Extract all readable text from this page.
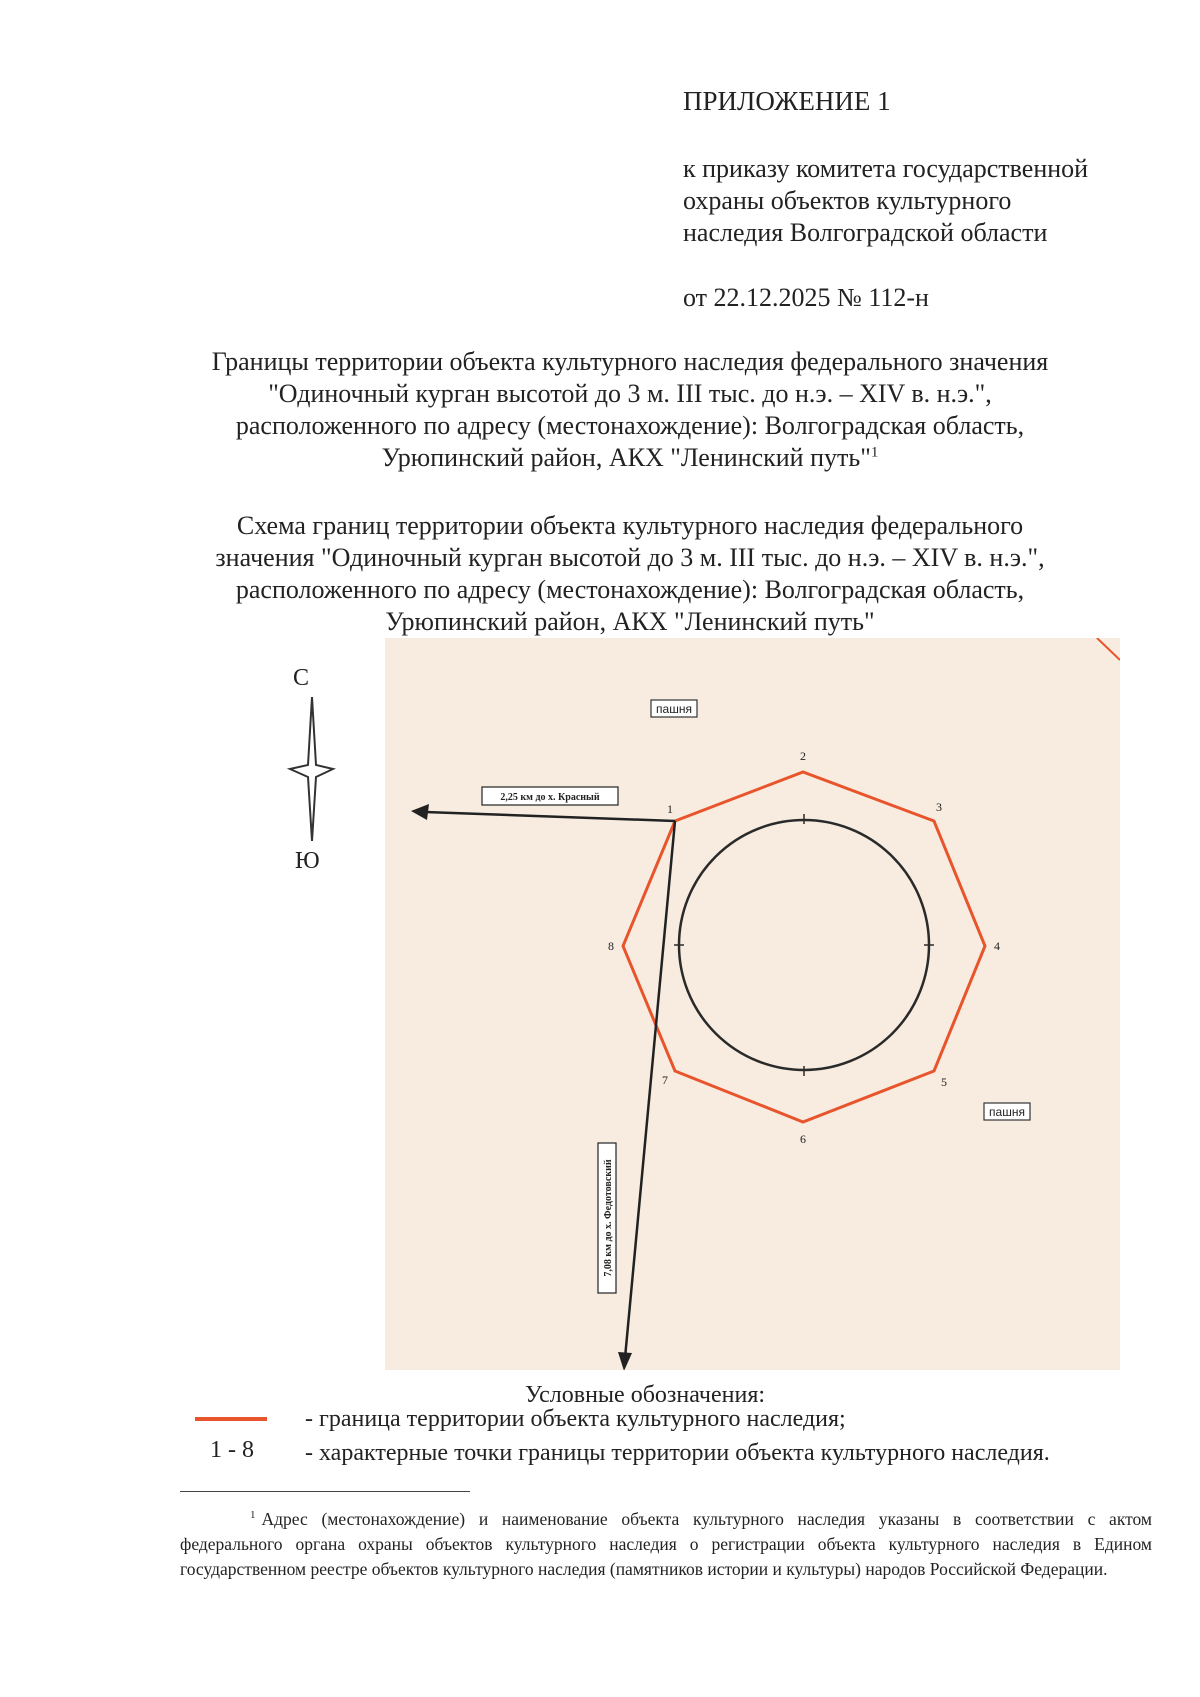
ПРИЛОЖЕНИЕ 1
к приказу комитета государственной
охраны объектов культурного
наследия Волгоградской области
от 22.12.2025 № 112-н
Границы территории объекта культурного наследия федерального значения
"Одиночный курган высотой до 3 м. III тыс. до н.э. – XIV в. н.э.",
расположенного по адресу (местонахождение): Волгоградская область,
Урюпинский район, АКХ "Ленинский путь"$^1$
Схема границ территории объекта культурного наследия федерального
значения "Одиночный курган высотой до 3 м. III тыс. до н.э. – XIV в. н.э.",
расположенного по адресу (местонахождение): Волгоградская область,
Урюпинский район, АКХ "Ленинский путь"
С
Ю
пашня
пашня
2,25 км до х. Красный
7,08 км до х. Федотовский
1
2
3
4
5
6
7
8
Условные обозначения:
- граница территории объекта культурного наследия;
1 - 8 - характерные точки границы территории объекта культурного наследия.
$^1$ Адрес (местонахождение) и наименование объекта культурного наследия указаны в соответствии с актом федерального органа охраны объектов культурного наследия о регистрации объекта культурного наследия в Едином государственном реестре объектов культурного наследия (памятников истории и культуры) народов Российской Федерации.
